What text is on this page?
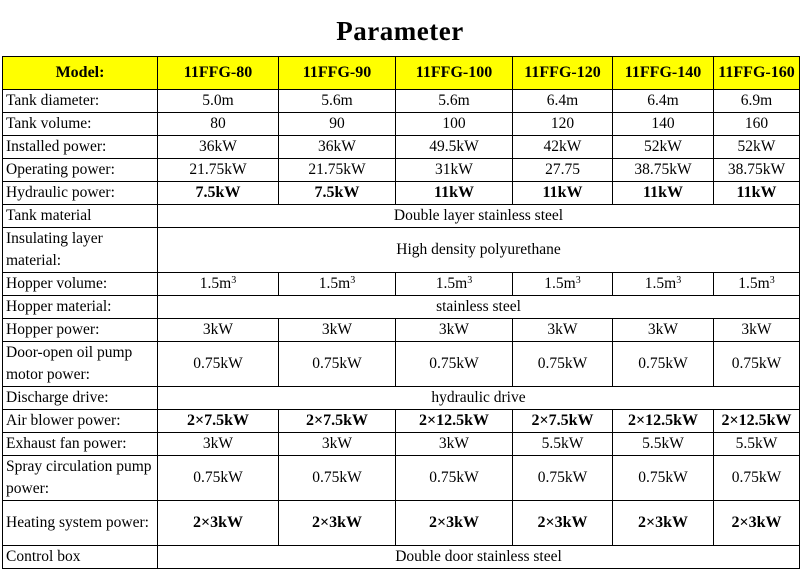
Parameter
Model:	11FFG-80	11FFG-90	11FFG-100	11FFG-120	11FFG-140	11FFG-160
Tank diameter:	5.0m	5.6m	5.6m	6.4m	6.4m	6.9m
Tank volume:	80	90	100	120	140	160
Installed power:	36kW	36kW	49.5kW	42kW	52kW	52kW
Operating power:	21.75kW	21.75kW	31kW	27.75	38.75kW	38.75kW
Hydraulic power:	7.5kW	7.5kW	11kW	11kW	11kW	11kW
Tank material	Double layer stainless steel					
Insulating layer material:	High density polyurethane					
Hopper volume:	$1.5m^3$	$1.5m^3$	$1.5m^3$	$1.5m^3$	$1.5m^3$	$1.5m^3$
Hopper material:	stainless steel					
Hopper power:	3kW	3kW	3kW	3kW	3kW	3kW
Door-open oil pump motor power:	0.75kW	0.75kW	0.75kW	0.75kW	0.75kW	0.75kW
Discharge drive:	hydraulic drive					
Air blower power:	2×7.5kW	2×7.5kW	2×12.5kW	2×7.5kW	2×12.5kW	2×12.5kW
Exhaust fan power:	3kW	3kW	3kW	5.5kW	5.5kW	5.5kW
Spray circulation pump power:	0.75kW	0.75kW	0.75kW	0.75kW	0.75kW	0.75kW
Heating system power:	2×3kW	2×3kW	2×3kW	2×3kW	2×3kW	2×3kW
Control box	Double door stainless steel					
